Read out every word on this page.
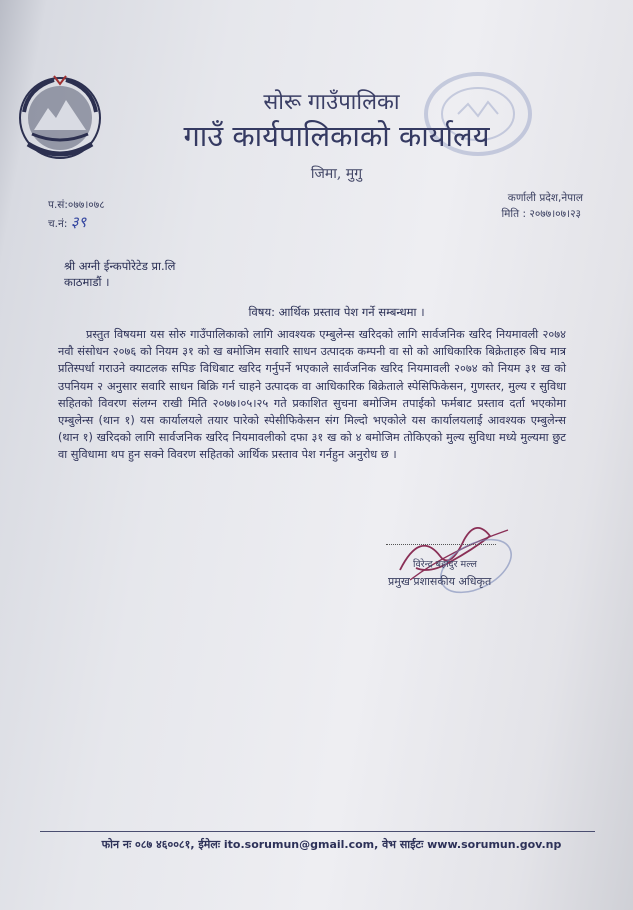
सोरू गाउँपालिका
गाउँ कार्यपालिकाको कार्यालय
जिमा, मुगु
प.सं:०७७।०७८
च.नं: ३९
कर्णाली प्रदेश,नेपाल
मिति : २०७७।०७।२३
श्री अग्नी ईन्कपोरेटेड प्रा.लि
काठमाडौं ।
विषय: आर्थिक प्रस्ताव पेश गर्ने सम्बन्धमा ।
प्रस्तुत विषयमा यस सोरु गाउँपालिकाको लागि आवश्यक एम्बुलेन्स खरिदको लागि सार्वजनिक खरिद नियमावली २०७४ नवौ संसोधन २०७६ को नियम ३१ को ख बमोजिम सवारि साधन उत्पादक कम्पनी वा सो को आधिकारिक बिक्रेताहरु बिच मात्र प्रतिस्पर्धा गराउने क्याटलक सपिङ विधिबाट खरिद गर्नुपर्ने भएकाले सार्वजनिक खरिद नियमावली २०७४ को नियम ३१ ख को उपनियम २ अनुसार सवारि साधन बिक्रि गर्न चाहने उत्पादक वा आधिकारिक बिक्रेताले स्पेसिफिकेसन, गुणस्तर, मुल्य र सुविधा सहितको विवरण संलग्न राखी मिति २०७७।०५।२५ गते प्रकाशित सुचना बमोजिम तपाईको फर्मबाट प्रस्ताव दर्ता भएकोमा एम्बुलेन्स (थान १) यस कार्यालयले तयार पारेको स्पेसीफिकेसन संग मिल्दो भएकोले यस कार्यालयलाई आवश्यक एम्बुलेन्स (थान १) खरिदको लागि सार्वजनिक खरिद नियमावलीको दफा ३१ ख को ४ बमोजिम तोकिएको मुल्य सुविधा मध्ये मुल्यमा छुट वा सुविधामा थप हुन सक्ने विवरण सहितको आर्थिक प्रस्ताव पेश गर्नहुन अनुरोध छ ।
विरेन्द्र बहादुर मल्ल
प्रमुख प्रशासकीय अधिकृत
फोन नः ०८७ ४६००८१, ईमेलः ito.sorumun@gmail.com, वेभ साईटः www.sorumun.gov.np
